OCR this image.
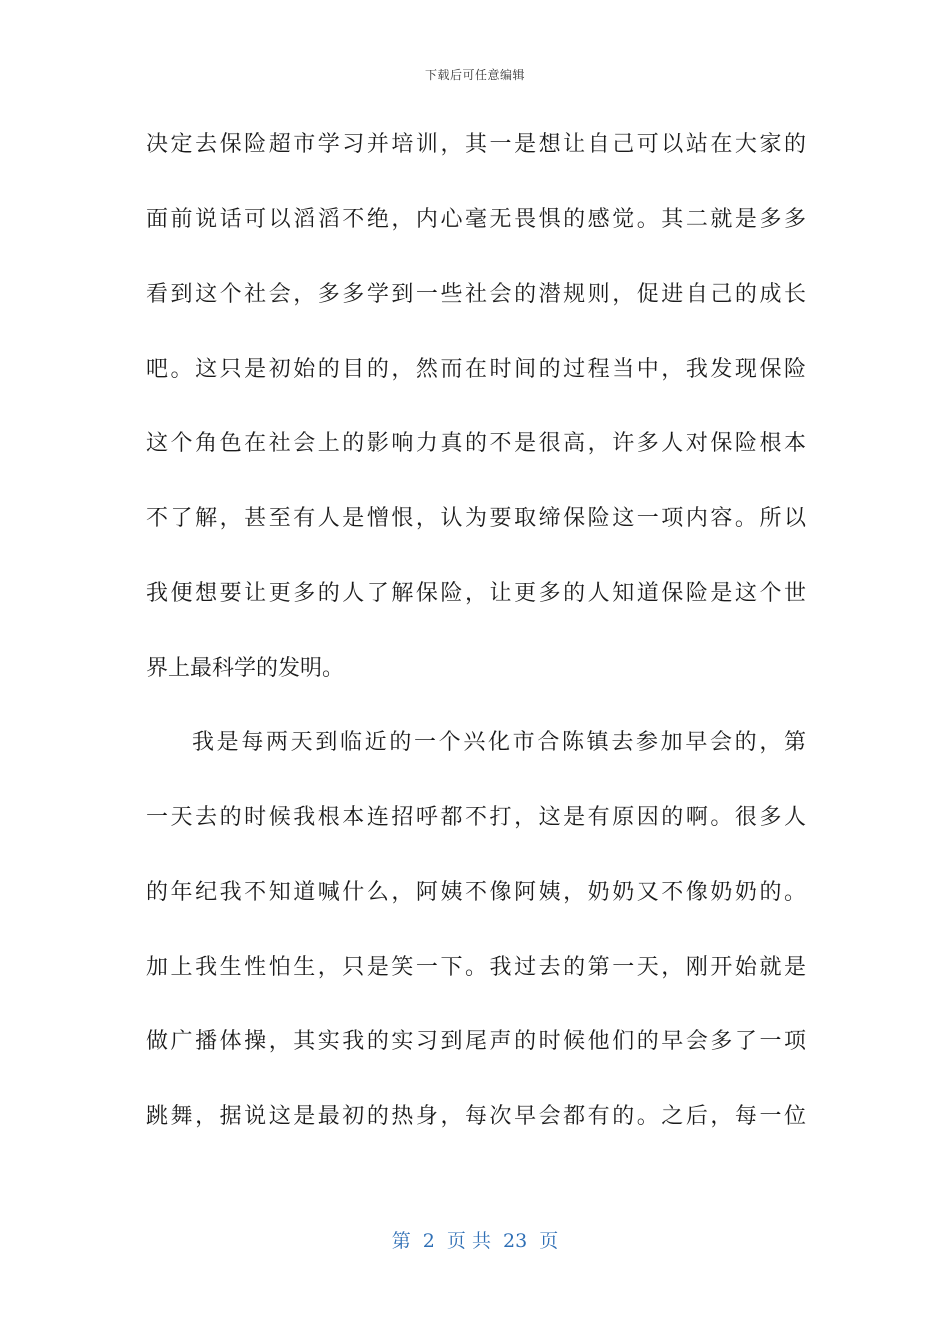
下载后可任意编辑
决定去保险超市学习并培训，其一是想让自己可以站在大家的
面前说话可以滔滔不绝，内心毫无畏惧的感觉。其二就是多多
看到这个社会，多多学到一些社会的潜规则，促进自己的成长
吧。这只是初始的目的，然而在时间的过程当中，我发现保险
这个角色在社会上的影响力真的不是很高，许多人对保险根本
不了解，甚至有人是憎恨，认为要取缔保险这一项内容。所以
我便想要让更多的人了解保险，让更多的人知道保险是这个世
界上最科学的发明。
我是每两天到临近的一个兴化市合陈镇去参加早会的，第
一天去的时候我根本连招呼都不打，这是有原因的啊。很多人
的年纪我不知道喊什么，阿姨不像阿姨，奶奶又不像奶奶的。
加上我生性怕生，只是笑一下。我过去的第一天，刚开始就是
做广播体操，其实我的实习到尾声的时候他们的早会多了一项
跳舞，据说这是最初的热身，每次早会都有的。之后，每一位
第 2 页 共 23 页
